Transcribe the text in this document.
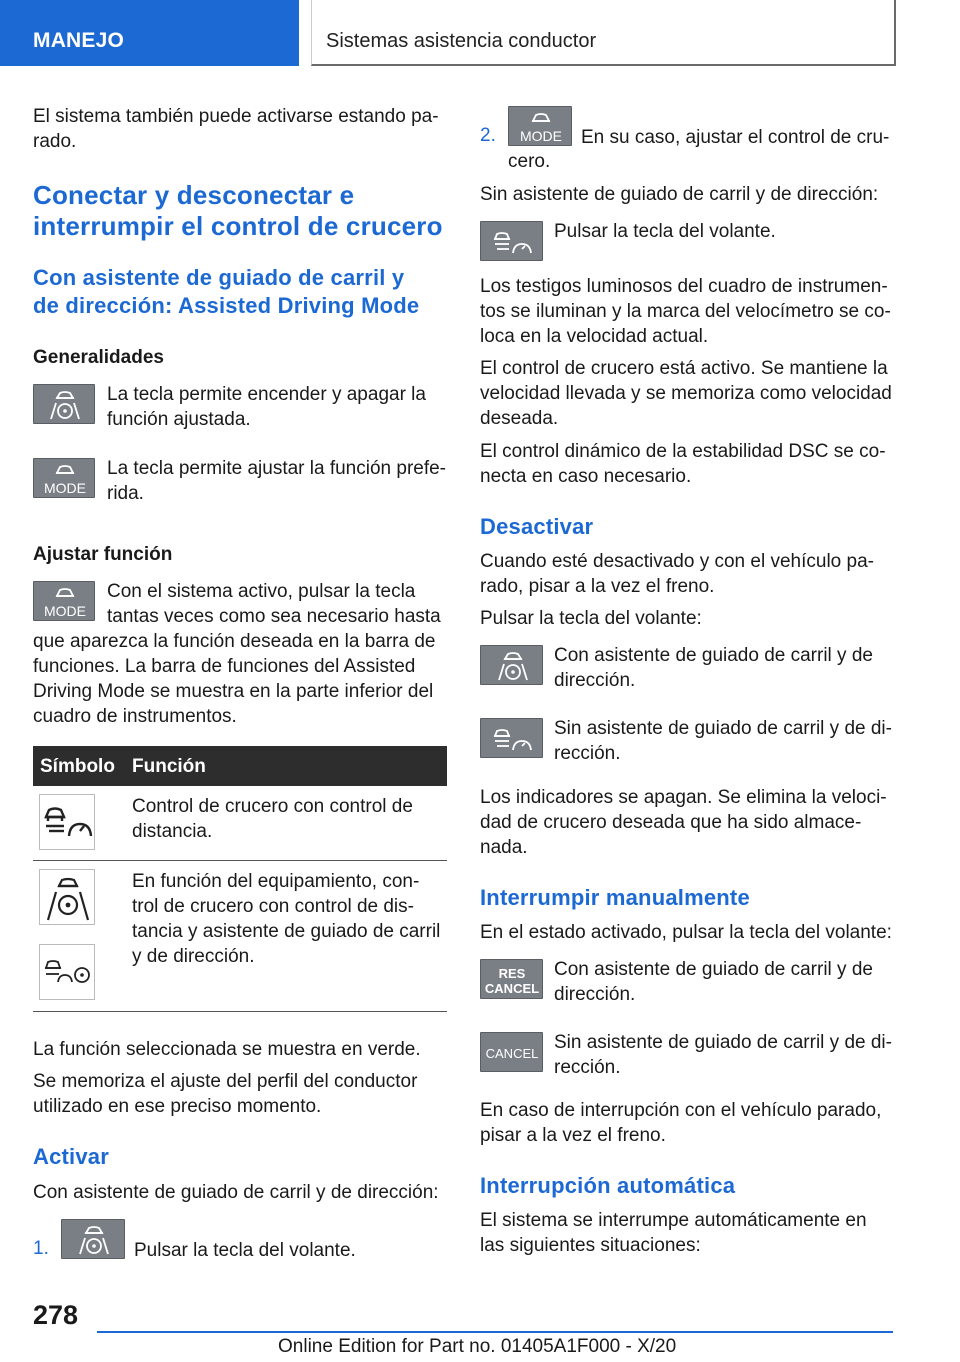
MANEJO	Sistemas asistencia conductor
El sistema también puede activarse estando pa-
rado.
Conectar y desconectar e
interrumpir el control de crucero
Con asistente de guiado de carril y
de dirección: Assisted Driving Mode
Generalidades
La tecla permite encender y apagar la
función ajustada.
MODE
La tecla permite ajustar la función prefe-
rida.
Ajustar función
MODE
Con el sistema activo, pulsar la tecla
tantas veces como sea necesario hasta
que aparezca la función deseada en la barra de
funciones. La barra de funciones del Assisted
Driving Mode se muestra en la parte inferior del
cuadro de instrumentos.
Símbolo Función
Control de crucero con control de
distancia.
En función del equipamiento, con-
trol de crucero con control de dis-
tancia y asistente de guiado de carril
y de dirección.
La función seleccionada se muestra en verde.
Se memoriza el ajuste del perfil del conductor
utilizado en ese preciso momento.
Activar
Con asistente de guiado de carril y de dirección:
1.	Pulsar la tecla del volante.
2. MODE En su caso, ajustar el control de cru-
cero.
Sin asistente de guiado de carril y de dirección:
Pulsar la tecla del volante.
Los testigos luminosos del cuadro de instrumen-
tos se iluminan y la marca del velocímetro se co-
loca en la velocidad actual.
El control de crucero está activo. Se mantiene la
velocidad llevada y se memoriza como velocidad
deseada.
El control dinámico de la estabilidad DSC se co-
necta en caso necesario.
Desactivar
Cuando esté desactivado y con el vehículo pa-
rado, pisar a la vez el freno.
Pulsar la tecla del volante:
Con asistente de guiado de carril y de
dirección.
Sin asistente de guiado de carril y de di-
rección.
Los indicadores se apagan. Se elimina la veloci-
dad de crucero deseada que ha sido almace-
nada.
Interrumpir manualmente
En el estado activado, pulsar la tecla del volante:
RES
CANCEL
Con asistente de guiado de carril y de
dirección.
CANCEL
Sin asistente de guiado de carril y de di-
rección.
En caso de interrupción con el vehículo parado,
pisar a la vez el freno.
Interrupción automática
El sistema se interrumpe automáticamente en
las siguientes situaciones:
278
Online Edition for Part no. 01405A1F000 - X/20
